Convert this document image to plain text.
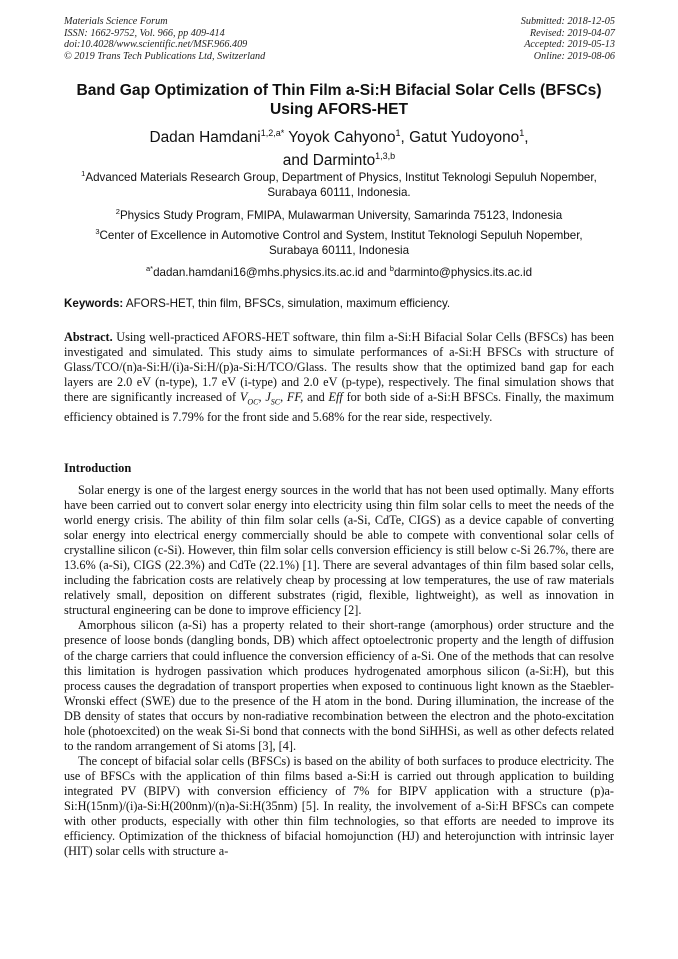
Materials Science Forum
ISSN: 1662-9752, Vol. 966, pp 409-414
doi:10.4028/www.scientific.net/MSF.966.409
© 2019 Trans Tech Publications Ltd, Switzerland
Submitted: 2018-12-05
Revised: 2019-04-07
Accepted: 2019-05-13
Online: 2019-08-06
Band Gap Optimization of Thin Film a-Si:H Bifacial Solar Cells (BFSCs)
Using AFORS-HET
Dadan Hamdani$^{1,2,a*}$ Yoyok Cahyono$^1$, Gatut Yudoyono$^1$,
and Darminto$^{1,3,b}$
$^1$Advanced Materials Research Group, Department of Physics, Institut Teknologi Sepuluh Nopember, Surabaya 60111, Indonesia.
$^2$Physics Study Program, FMIPA, Mulawarman University, Samarinda 75123, Indonesia
$^3$Center of Excellence in Automotive Control and System, Institut Teknologi Sepuluh Nopember, Surabaya 60111, Indonesia
$^{a*}$dadan.hamdani16@mhs.physics.its.ac.id and $^b$darminto@physics.its.ac.id
Keywords: AFORS-HET, thin film, BFSCs, simulation, maximum efficiency.
Abstract. Using well-practiced AFORS-HET software, thin film a-Si:H Bifacial Solar Cells (BFSCs) has been investigated and simulated. This study aims to simulate performances of a-Si:H BFSCs with structure of Glass/TCO/(n)a-Si:H/(i)a-Si:H/(p)a-Si:H/TCO/Glass. The results show that the optimized band gap for each layers are 2.0 eV (n-type), 1.7 eV (i-type) and 2.0 eV (p-type), respectively. The final simulation shows that there are significantly increased of $V_{OC}$, $J_{SC}$, FF, and Eff for both side of a-Si:H BFSCs. Finally, the maximum efficiency obtained is 7.79% for the front side and 5.68% for the rear side, respectively.
Introduction

Solar energy is one of the largest energy sources in the world that has not been used optimally. Many efforts have been carried out to convert solar energy into electricity using thin film solar cells to meet the needs of the world energy crisis. The ability of thin film solar cells (a-Si, CdTe, CIGS) as a device capable of converting solar energy into electrical energy commercially should be able to compete with conventional solar cells of crystalline silicon (c-Si). However, thin film solar cells conversion efficiency is still below c-Si 26.7%, there are 13.6% (a-Si), CIGS (22.3%) and CdTe (22.1%) [1]. There are several advantages of thin film based solar cells, including the fabrication costs are relatively cheap by processing at low temperatures, the use of raw materials relatively small, deposition on different substrates (rigid, flexible, lightweight), as well as innovation in structural engineering can be done to improve efficiency [2].

Amorphous silicon (a-Si) has a property related to their short-range (amorphous) order structure and the presence of loose bonds (dangling bonds, DB) which affect optoelectronic property and the length of diffusion of the charge carriers that could influence the conversion efficiency of a-Si. One of the methods that can resolve this limitation is hydrogen passivation which produces hydrogenated amorphous silicon (a-Si:H), but this process causes the degradation of transport properties when exposed to continuous light known as the Staebler-Wronski effect (SWE) due to the presence of the H atom in the bond. During illumination, the increase of the DB density of states that occurs by non-radiative recombination between the electron and the photo-excitation hole (photoexcited) on the weak Si-Si bond that connects with the bond SiHHSi, as well as other defects related to the random arrangement of Si atoms [3], [4].

The concept of bifacial solar cells (BFSCs) is based on the ability of both surfaces to produce electricity. The use of BFSCs with the application of thin films based a-Si:H is carried out through application to building integrated PV (BIPV) with conversion efficiency of 7% for BIPV application with a structure (p)a-Si:H(15nm)/(i)a-Si:H(200nm)/(n)a-Si:H(35nm) [5]. In reality, the involvement of a-Si:H BFSCs can compete with other products, especially with other thin film technologies, so that efforts are needed to improve its efficiency. Optimization of the thickness of bifacial homojunction (HJ) and heterojunction with intrinsic layer (HIT) solar cells with structure a-
